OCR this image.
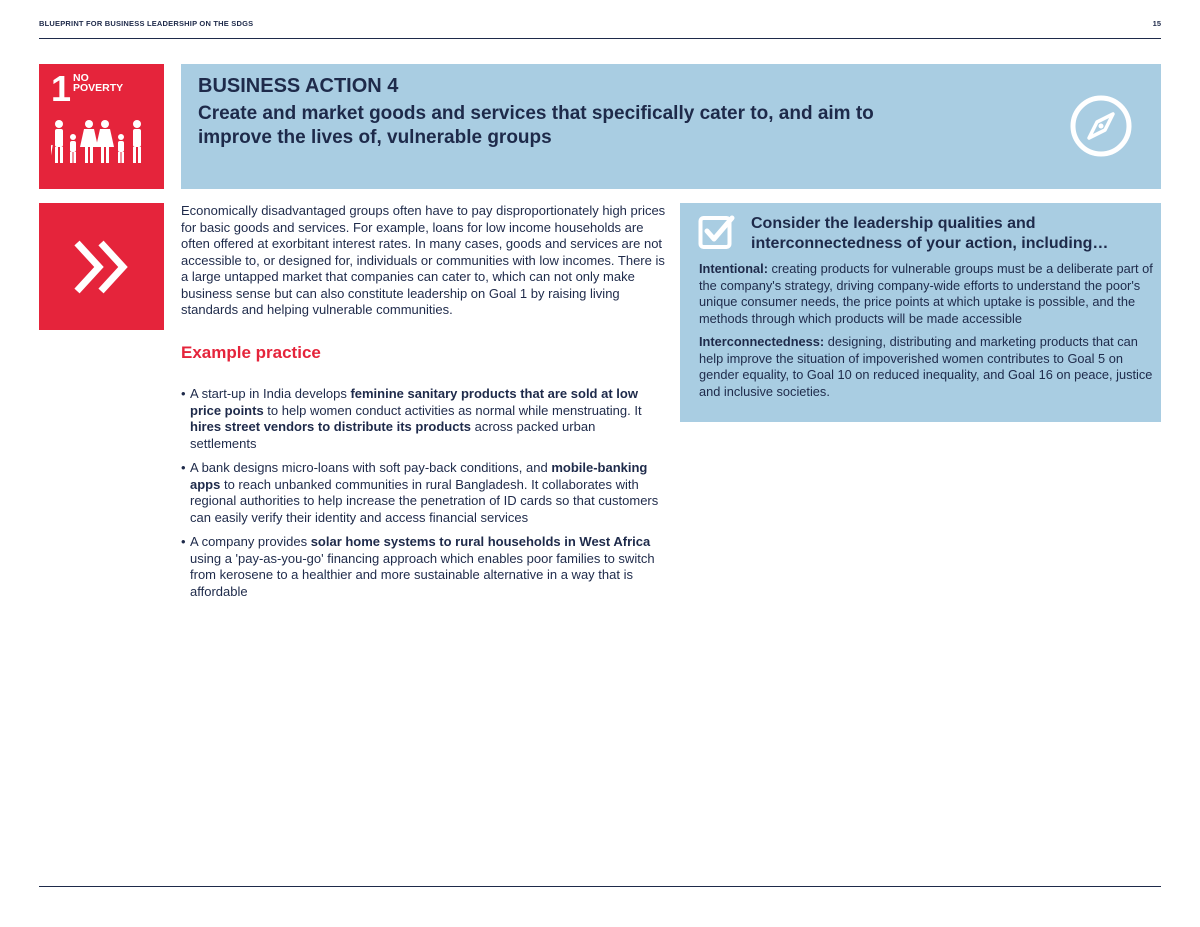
BLUEPRINT FOR BUSINESS LEADERSHIP ON THE SDGS	15
1 NO
POVERTY	BUSINESS ACTION 4
Create and market goods and services that specifically cater to, and aim to improve the lives of, vulnerable groups

Economically disadvantaged groups often have to pay disproportionately high prices for basic goods and services. For example, loans for low income households are often offered at exorbitant interest rates. In many cases, goods and services are not accessible to, or designed for, individuals or communities with low incomes. There is a large untapped market that companies can cater to, which can not only make business sense but can also constitute leadership on Goal 1 by raising living standards and helping vulnerable communities.

Example practice
• A start-up in India develops feminine sanitary products that are sold at low price points to help women conduct activities as normal while menstruating. It hires street vendors to distribute its products across packed urban settlements
• A bank designs micro-loans with soft pay-back conditions, and mobile-banking apps to reach unbanked communities in rural Bangladesh. It collaborates with regional authorities to help increase the penetration of ID cards so that customers can easily verify their identity and access financial services
• A company provides solar home systems to rural households in West Africa using a 'pay-as-you-go' financing approach which enables poor families to switch from kerosene to a healthier and more sustainable alternative in a way that is affordable
Consider the leadership qualities and interconnectedness of your action, including…

Intentional: creating products for vulnerable groups must be a deliberate part of the company's strategy, driving company-wide efforts to understand the poor's unique consumer needs, the price points at which uptake is possible, and the methods through which products will be made accessible

Interconnectedness: designing, distributing and marketing products that can help improve the situation of impoverished women contributes to Goal 5 on gender equality, to Goal 10 on reduced inequality, and Goal 16 on peace, justice and inclusive societies.
